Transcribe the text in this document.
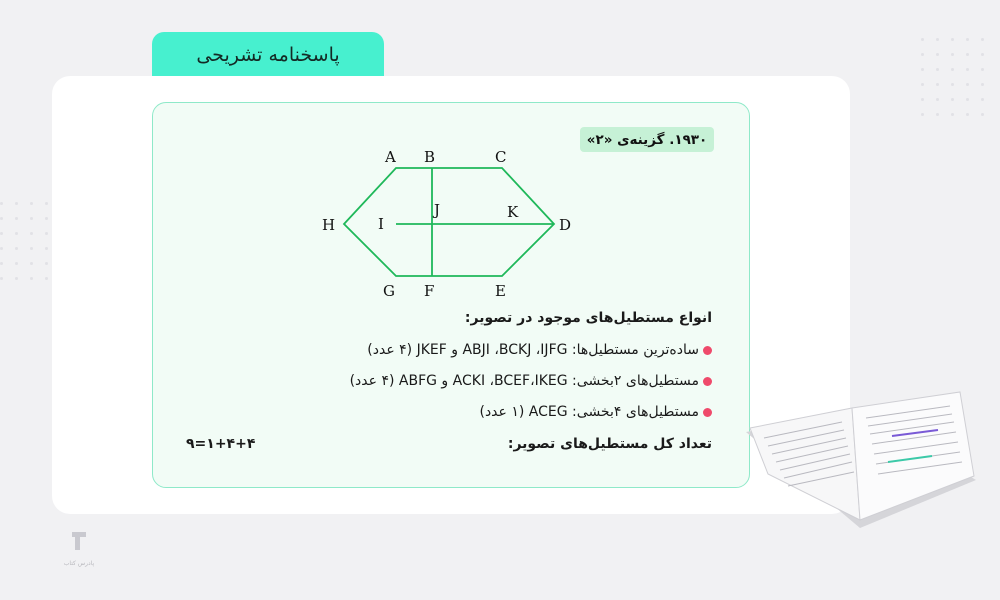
پاسخنامه تشریحی
۱۹۳۰. گزینه‌ی «۲»
A B	C
D
E
F
G
H	I
J	K
انواع مستطیل‌های موجود در تصویر:
ساده‌ترین مستطیل‌ها: ABJI ،BCKJ ،IJFG و JKEF (۴ عدد)
مستطیل‌های ۲بخشی: ACKI ،BCEF،IKEG و ABFG (۴ عدد)
مستطیل‌های ۴بخشی: ACEG (۱ عدد)
تعداد کل مستطیل‌های تصویر:
۹=۱+۴+۴
پادرس کتاب
